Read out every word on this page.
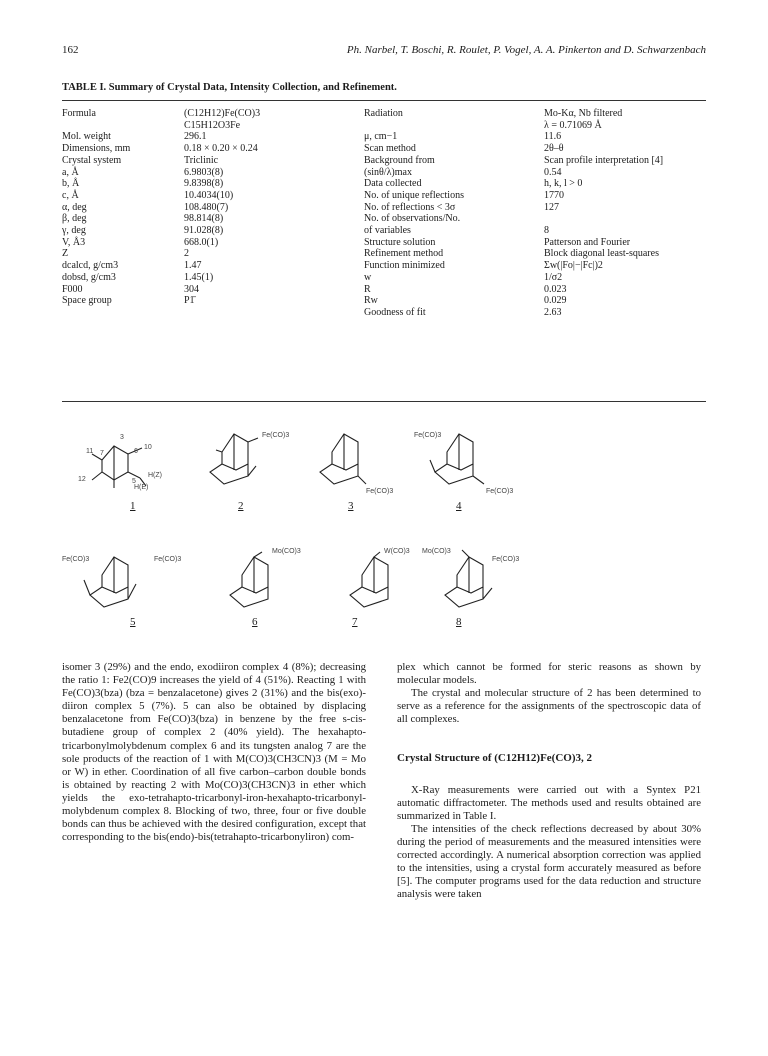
162	Ph. Narbel, T. Boschi, R. Roulet, P. Vogel, A. A. Pinkerton and D. Schwarzenbach
TABLE I. Summary of Crystal Data, Intensity Collection, and Refinement.
Formula	(C12H12)Fe(CO)3	Radiation	Mo-Kα, Nb filtered
	C15H12O3Fe		λ = 0.71069 Å
Mol. weight	296.1	μ, cm−1	11.6
Dimensions, mm	0.18 × 0.20 × 0.24	Scan method	2θ–θ
Crystal system	Triclinic	Background from	Scan profile interpretation [4]
a, Å	6.9803(8)	(sinθ/λ)max	0.54
b, Å	9.8398(8)	Data collected	h, k, l > 0
c, Å	10.4034(10)	No. of unique reflections	1770
α, deg	108.480(7)	No. of reflections < 3σ	127
β, deg	98.814(8)	No. of observations/No.	
γ, deg	91.028(8)	of variables	8
V, Å3	668.0(1)	Structure solution	Patterson and Fourier
Z	2	Refinement method	Block diagonal least-squares
dcalcd, g/cm3	1.47	Function minimized	Σw(|Fo|−|Fc|)2
dobsd, g/cm3	1.45(1)	w	1/σ2
F000	304	R	0.023
Space group	P1̄	Rw	0.029
		Goodness of fit	2.63
3
6
10
11
12
7
5
H(Z)
H(E)
Fe(CO)3	Fe(CO)3
Fe(CO)3	Fe(CO)3
Fe(CO)3	Fe(CO)3
Mo(CO)3	W(CO)3 Mo(CO)3
Fe(CO)3
1	2	3	4
5	6	7	8

isomer 3 (29%) and the endo, exodiiron complex 4 (8%); decreasing the ratio 1: Fe2(CO)9 increases the yield of 4 (51%). Reacting 1 with Fe(CO)3(bza) (bza = benzalacetone) gives 2 (31%) and the bis(exo)-diiron complex 5 (7%). 5 can also be obtained by displacing benzalacetone from Fe(CO)3(bza) in benzene by the free s-cis-butadiene group of complex 2 (40% yield). The hexahapto-tricarbonylmolybdenum complex 6 and its tungsten analog 7 are the sole products of the reaction of 1 with M(CO)3(CH3CN)3 (M = Mo or W) in ether. Coordination of all five carbon–carbon double bonds is obtained by reacting 2 with Mo(CO)3(CH3CN)3 in ether which yields the exo-tetrahapto-tricarbonyl-iron-hexahapto-tricarbonyl-molybdenum complex 8. Blocking of two, three, four or five double bonds can thus be achieved with the desired configuration, except that corresponding to the bis(endo)-bis(tetrahapto-tricarbonyliron) com-

plex which cannot be formed for steric reasons as shown by molecular models.

The crystal and molecular structure of 2 has been determined to serve as a reference for the assignments of the spectroscopic data of all complexes.

Crystal Structure of (C12H12)Fe(CO)3, 2

X-Ray measurements were carried out with a Syntex P21 automatic diffractometer. The methods used and results obtained are summarized in Table I.

The intensities of the check reflections decreased by about 30% during the period of measurements and the measured intensities were corrected accordingly. A numerical absorption correction was applied to the intensities, using a crystal form accurately measured as before [5]. The computer programs used for the data reduction and structure analysis were taken
